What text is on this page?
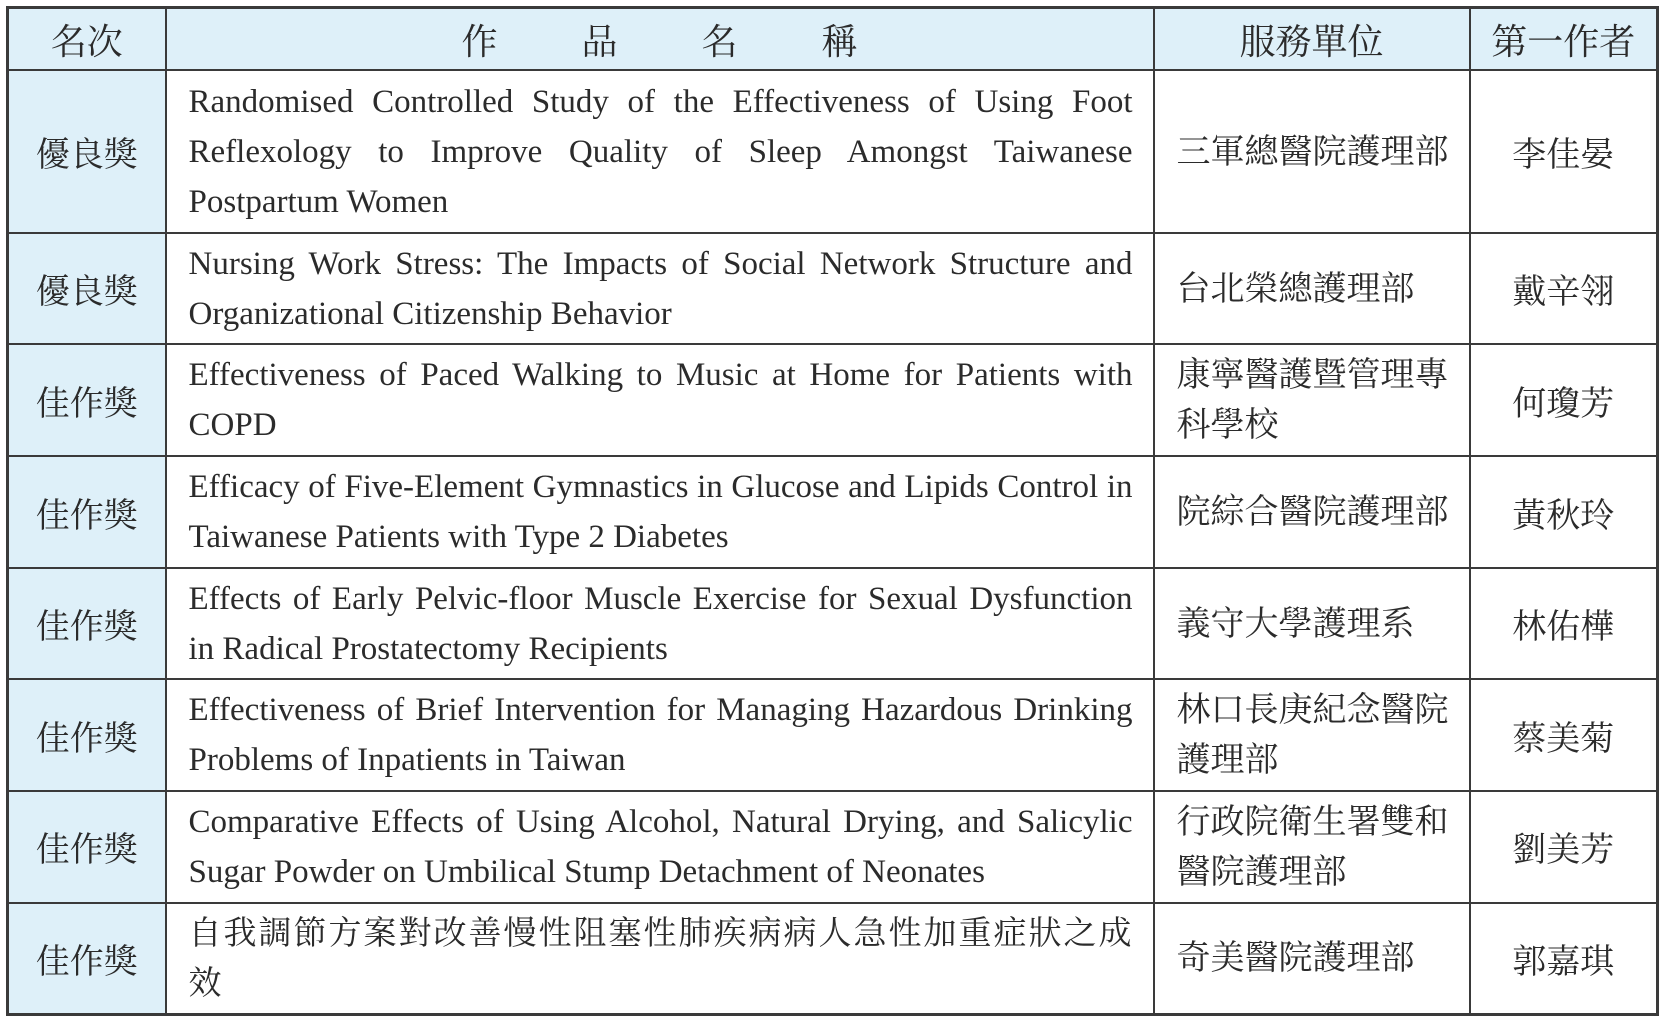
名次	作 品 名 稱	服務單位	第一作者
優良獎	Randomised Controlled Study of the Effectiveness of Using Foot Reflexology to Improve Quality of Sleep Amongst Taiwanese Postpartum Women	三軍總醫院護理部	李佳晏
優良獎	Nursing Work Stress: The Impacts of Social Network Structure and Organizational Citizenship Behavior	台北榮總護理部	戴辛翎
佳作獎	Effectiveness of Paced Walking to Music at Home for Patients with COPD	康寧醫護暨管理專科學校	何瓊芳
佳作獎	Efficacy of Five-Element Gymnastics in Glucose and Lipids Control in Taiwanese Patients with Type 2 Diabetes	院綜合醫院護理部	黃秋玲
佳作獎	Effects of Early Pelvic-floor Muscle Exercise for Sexual Dysfunction in Radical Prostatectomy Recipients	義守大學護理系	林佑樺
佳作獎	Effectiveness of Brief Intervention for Managing Hazardous Drinking Problems of Inpatients in Taiwan	林口長庚紀念醫院護理部	蔡美菊
佳作獎	Comparative Effects of Using Alcohol, Natural Drying, and Salicylic Sugar Powder on Umbilical Stump Detachment of Neonates	行政院衛生署雙和醫院護理部	劉美芳
佳作獎	自我調節方案對改善慢性阻塞性肺疾病病人急性加重症狀之成效	奇美醫院護理部	郭嘉琪
